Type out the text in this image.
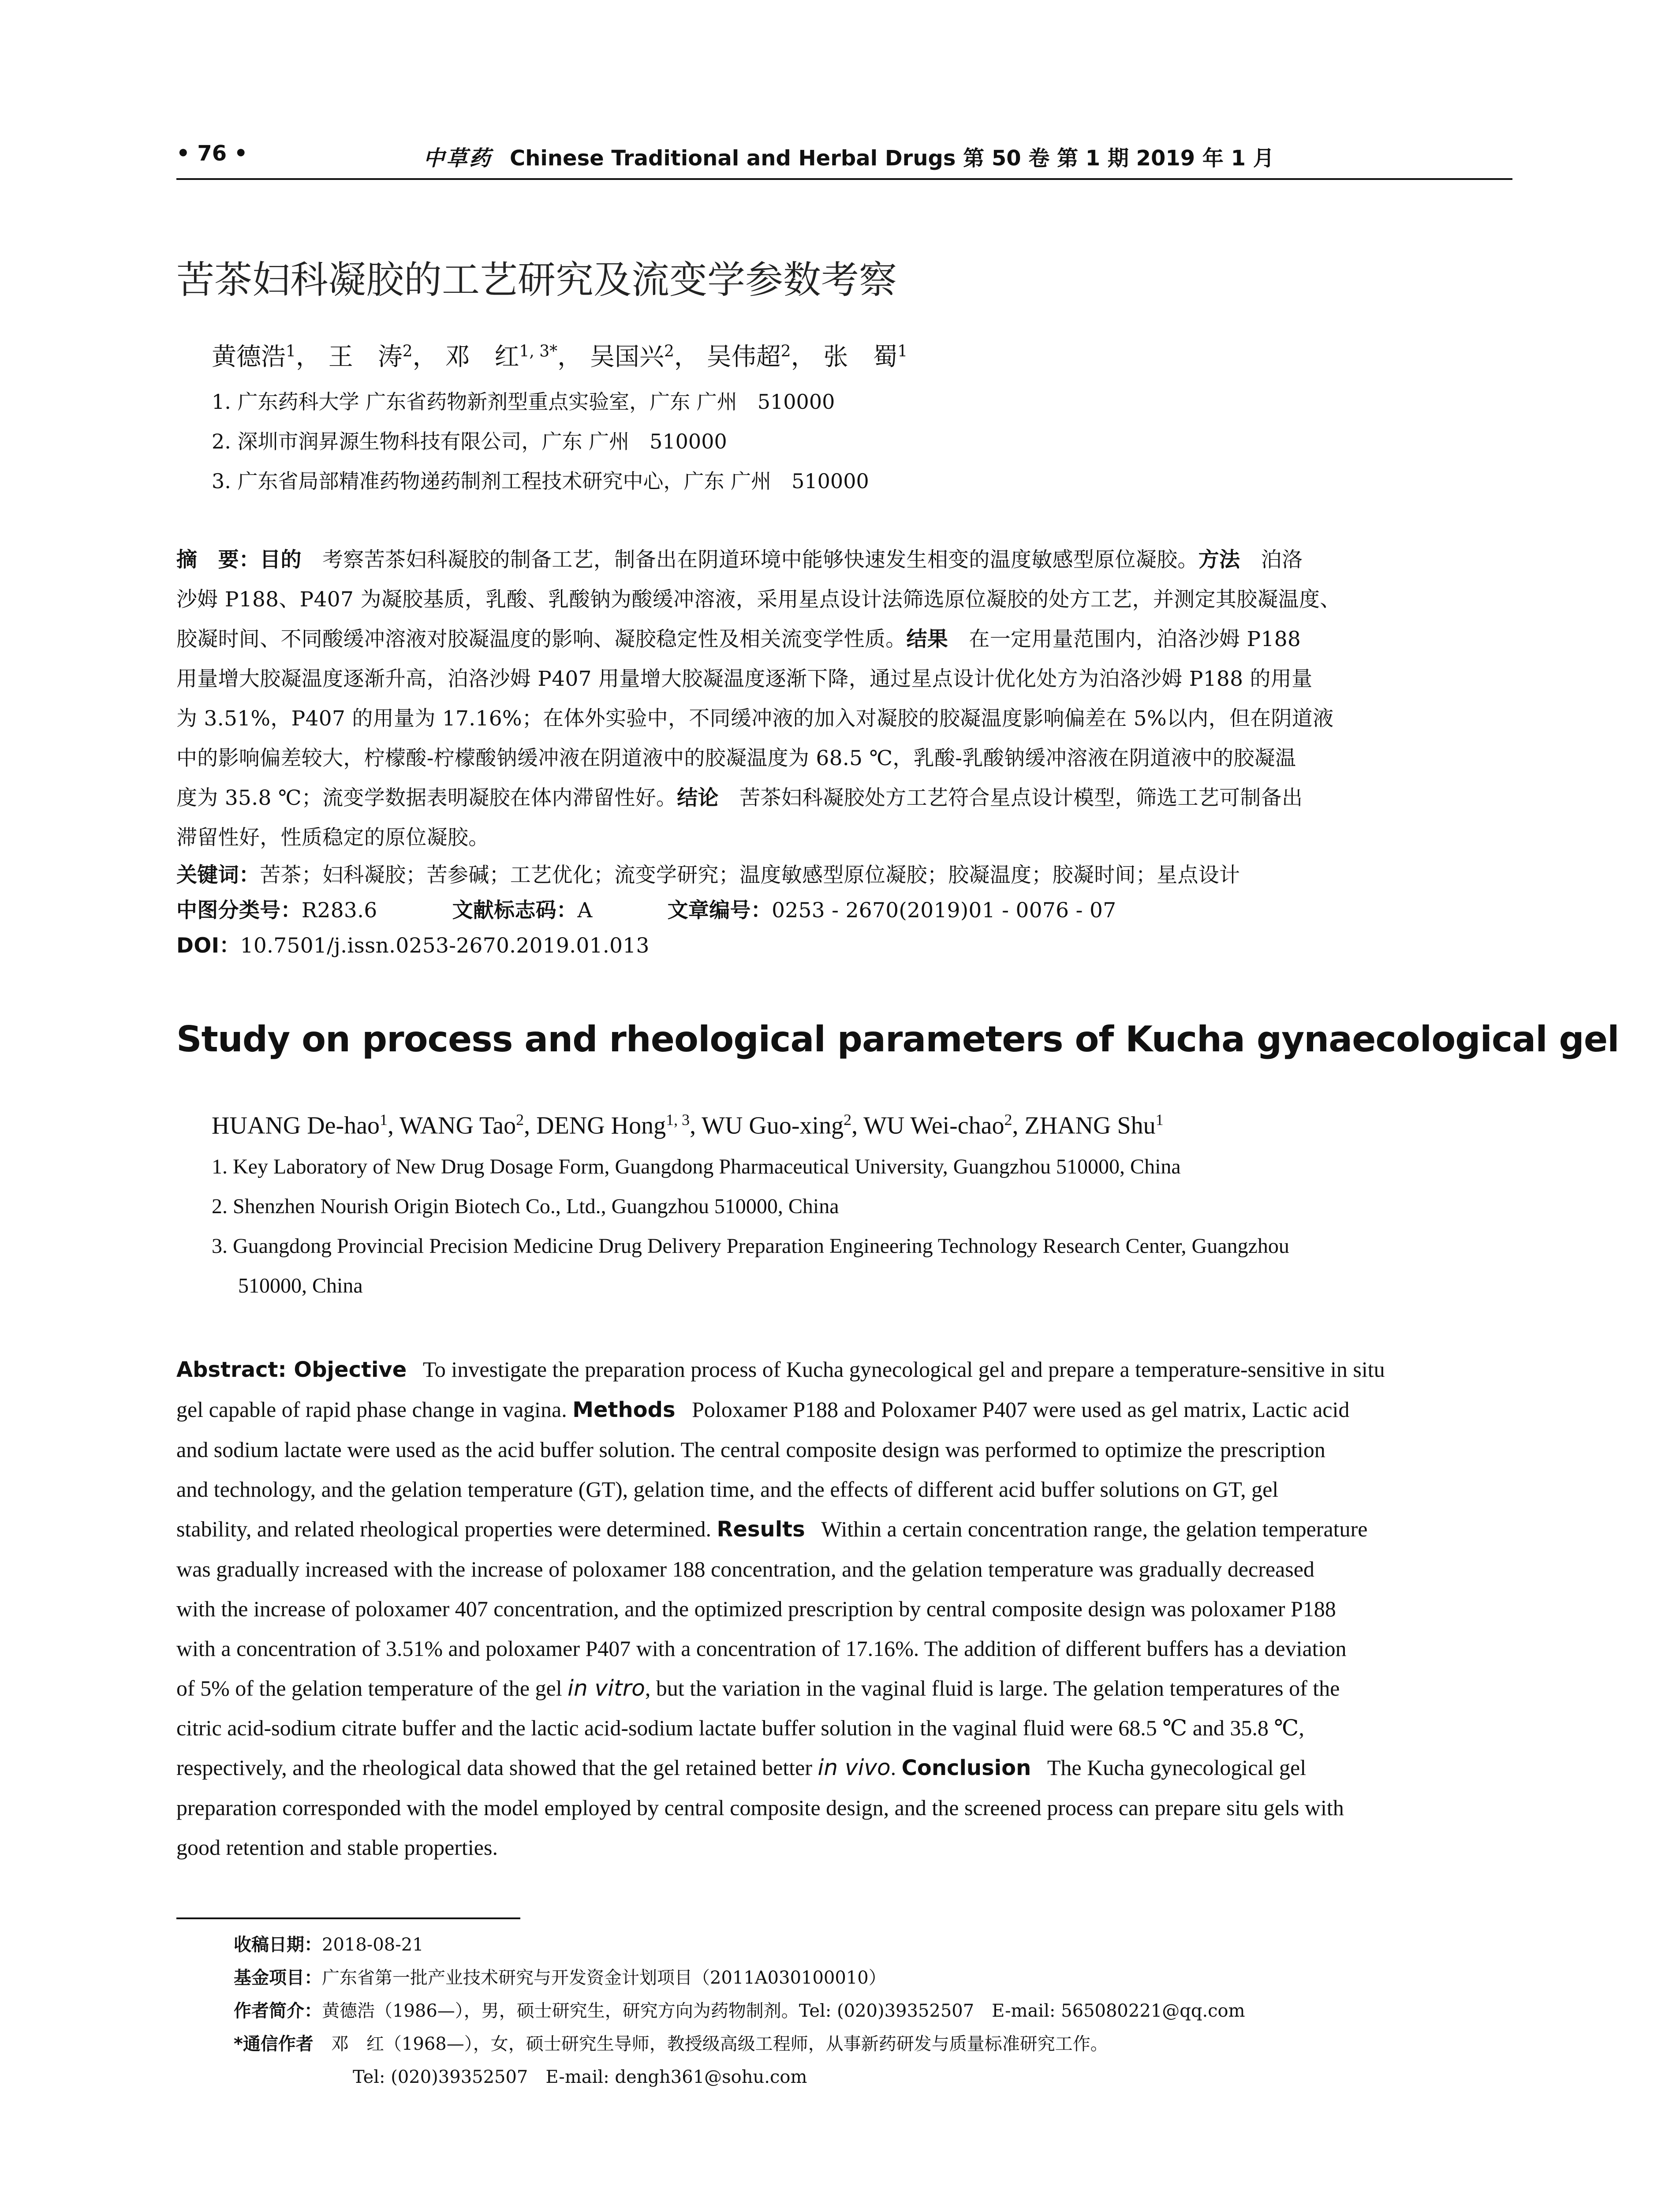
• 76 •	中草药 Chinese Traditional and Herbal Drugs 第 50 卷 第 1 期 2019 年 1 月
苦茶妇科凝胶的工艺研究及流变学参数考察
黄德浩$^1$， 王　涛$^2$， 邓　红$^{1, 3*}$， 吴国兴$^2$， 吴伟超$^2$， 张　蜀$^1$
1. 广东药科大学 广东省药物新剂型重点实验室，广东 广州　510000
2. 深圳市润昇源生物科技有限公司，广东 广州　510000
3. 广东省局部精准药物递药制剂工程技术研究中心，广东 广州　510000
摘　要：目的　 考察苦茶妇科凝胶的制备工艺，制备出在阴道环境中能够快速发生相变的温度敏感型原位凝胶。方法　 泊洛
沙姆 P188、P407 为凝胶基质，乳酸、乳酸钠为酸缓冲溶液，采用星点设计法筛选原位凝胶的处方工艺，并测定其胶凝温度、
胶凝时间、不同酸缓冲溶液对胶凝温度的影响、凝胶稳定性及相关流变学性质。结果　 在一定用量范围内，泊洛沙姆 P188
用量增大胶凝温度逐渐升高，泊洛沙姆 P407 用量增大胶凝温度逐渐下降，通过星点设计优化处方为泊洛沙姆 P188 的用量
为 3.51%，P407 的用量为 17.16%；在体外实验中，不同缓冲液的加入对凝胶的胶凝温度影响偏差在 5%以内，但在阴道液
中的影响偏差较大，柠檬酸-柠檬酸钠缓冲液在阴道液中的胶凝温度为 68.5 ℃，乳酸-乳酸钠缓冲溶液在阴道液中的胶凝温
度为 35.8 ℃；流变学数据表明凝胶在体内滞留性好。结论　 苦茶妇科凝胶处方工艺符合星点设计模型，筛选工艺可制备出
滞留性好，性质稳定的原位凝胶。
关键词：苦茶；妇科凝胶；苦参碱；工艺优化；流变学研究；温度敏感型原位凝胶；胶凝温度；胶凝时间；星点设计
中图分类号：R283.6	文献标志码：A	文章编号：0253 - 2670(2019)01 - 0076 - 07
DOI：10.7501/j.issn.0253-2670.2019.01.013
Study on process and rheological parameters of Kucha gynaecological gel
HUANG De-hao$^1$, WANG Tao$^2$, DENG Hong$^{1, 3}$, WU Guo-xing$^2$, WU Wei-chao$^2$, ZHANG Shu$^1$
1. Key Laboratory of New Drug Dosage Form, Guangdong Pharmaceutical University, Guangzhou 510000, China
2. Shenzhen Nourish Origin Biotech Co., Ltd., Guangzhou 510000, China
3. Guangdong Provincial Precision Medicine Drug Delivery Preparation Engineering Technology Research Center, Guangzhou
510000, China
Abstract: Objective To investigate the preparation process of Kucha gynecological gel and prepare a temperature-sensitive in situ
gel capable of rapid phase change in vagina. Methods Poloxamer P188 and Poloxamer P407 were used as gel matrix, Lactic acid
and sodium lactate were used as the acid buffer solution. The central composite design was performed to optimize the prescription
and technology, and the gelation temperature (GT), gelation time, and the effects of different acid buffer solutions on GT, gel
stability, and related rheological properties were determined. Results Within a certain concentration range, the gelation temperature
was gradually increased with the increase of poloxamer 188 concentration, and the gelation temperature was gradually decreased
with the increase of poloxamer 407 concentration, and the optimized prescription by central composite design was poloxamer P188
with a concentration of 3.51% and poloxamer P407 with a concentration of 17.16%. The addition of different buffers has a deviation
of 5% of the gelation temperature of the gel in vitro, but the variation in the vaginal fluid is large. The gelation temperatures of the
citric acid-sodium citrate buffer and the lactic acid-sodium lactate buffer solution in the vaginal fluid were 68.5 ℃ and 35.8 ℃,
respectively, and the rheological data showed that the gel retained better in vivo. Conclusion The Kucha gynecological gel
preparation corresponded with the model employed by central composite design, and the screened process can prepare situ gels with
good retention and stable properties.
收稿日期：2018-08-21
基金项目：广东省第一批产业技术研究与开发资金计划项目（2011A030100010）
作者简介：黄德浩（1986—），男，硕士研究生，研究方向为药物制剂。Tel: (020)39352507　E-mail: 565080221@qq.com
*通信作者　 邓　红（1968—），女，硕士研究生导师，教授级高级工程师，从事新药研发与质量标准研究工作。
Tel: (020)39352507　E-mail: dengh361@sohu.com
